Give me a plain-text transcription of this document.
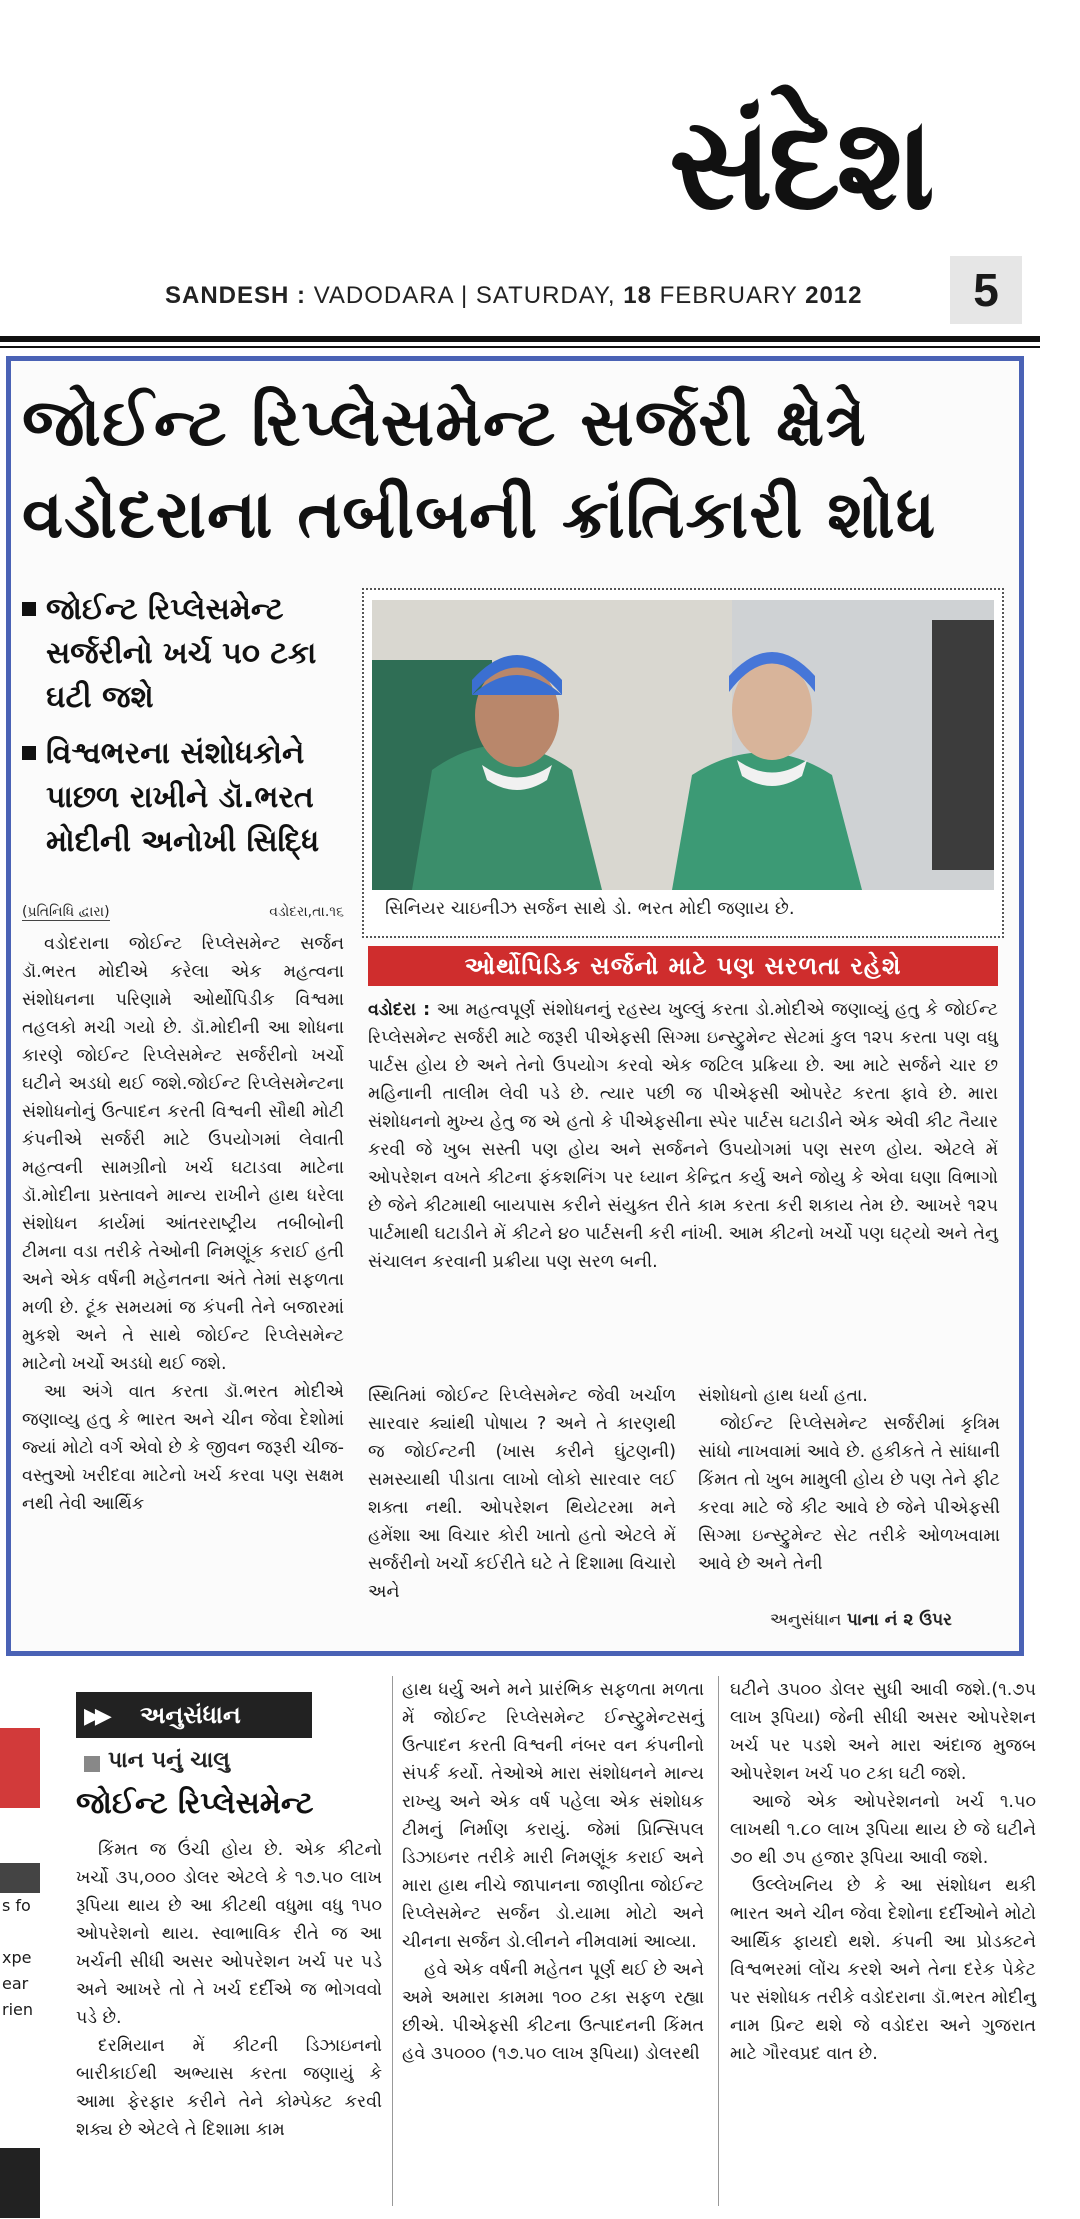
સંદેશ
SANDESH : VADODARA | SATURDAY, 18 FEBRUARY 2012	5
જોઈન્ટ રિપ્લેસમેન્ટ સર્જરી ક્ષેત્રે
વડોદરાના તબીબની ક્રાંતિકારી શોધ
જોઈન્ટ રિપ્લેસમેન્ટ સર્જરીનો ખર્ચ ૫૦ ટકા ઘટી જશે
વિશ્વભરના સંશોધકોને પાછળ રાખીને ડૉ.ભરત મોદીની અનોખી સિદ્ધિ
(પ્રતિનિધિ દ્વારા)	વડોદરા,તા.૧૬
વડોદરાના જોઈન્ટ રિપ્લેસમેન્ટ સર્જન ડૉ.ભરત મોદીએ કરેલા એક મહત્વના સંશોધનના પરિણામે ઓર્થોપિડીક વિશ્વમા તહલકો મચી ગયો છે. ડૉ.મોદીની આ શોધના કારણે જોઈન્ટ રિપ્લેસમેન્ટ સર્જરીનો ખર્ચો ઘટીને અડધો થઈ જશે.જોઈન્ટ રિપ્લેસમેન્ટના સંશોધનોનું ઉત્પાદન કરતી વિશ્વની સૌથી મોટી કંપનીએ સર્જરી માટે ઉપયોગમાં લેવાતી મહત્વની સામગ્રીનો ખર્ચ ઘટાડવા માટેના ડૉ.મોદીના પ્રસ્તાવને માન્ય રાખીને હાથ ધરેલા સંશોધન કાર્યમાં આંતરરાષ્ટ્રીય તબીબોની ટીમના વડા તરીકે તેઓની નિમણૂંક કરાઈ હતી અને એક વર્ષની મહેનતના અંતે તેમાં સફળતા મળી છે. ટૂંક સમયમાં જ કંપની તેને બજારમાં મુકશે અને તે સાથે જોઈન્ટ રિપ્લેસમેન્ટ માટેનો ખર્ચો અડધો થઈ જશે.
આ અંગે વાત કરતા ડૉ.ભરત મોદીએ જણાવ્યુ હતુ કે ભારત અને ચીન જેવા દેશોમાં જ્યાં મોટો વર્ગ એવો છે કે જીવન જરૂરી ચીજ-વસ્તુઓ ખરીદવા માટેનો ખર્ચ કરવા પણ સક્ષમ નથી તેવી આર્થિક
સિનિયર ચાઇનીઝ સર્જન સાથે ડો. ભરત મોદી જણાય છે.
ઓર્થોપિડિક સર્જનો માટે પણ સરળતા રહેશે
વડોદરા : આ મહત્વપૂર્ણ સંશોધનનું રહસ્ય ખુલ્લું કરતા ડો.મોદીએ જણાવ્યું હતુ કે જોઈન્ટ રિપ્લેસમેન્ટ સર્જરી માટે જરૂરી પીએફસી સિગ્મા ઇન્સ્ટ્રુમેન્ટ સેટમાં કુલ ૧૨૫ કરતા પણ વધુ પાર્ટસ હોય છે અને તેનો ઉપયોગ કરવો એક જટિલ પ્રક્રિયા છે. આ માટે સર્જને ચાર છ મહિનાની તાલીમ લેવી પડે છે. ત્યાર પછી જ પીએફસી ઓપરેટ કરતા ફાવે છે. મારા સંશોધનનો મુખ્ય હેતુ જ એ હતો કે પીએફસીના સ્પેર પાર્ટસ ઘટાડીને એક એવી કીટ તૈયાર કરવી જે ખુબ સસ્તી પણ હોય અને સર્જનને ઉપયોગમાં પણ સરળ હોય. એટલે મેં ઓપરેશન વખતે કીટના ફંકશનિંગ પર ધ્યાન કેન્દ્રિત કર્યુ અને જોયુ કે એવા ઘણા વિભાગો છે જેને કીટમાથી બાયપાસ કરીને સંયુક્ત રીતે કામ કરતા કરી શકાય તેમ છે. આખરે ૧૨૫ પાર્ટમાથી ઘટાડીને મેં કીટને ૪૦ પાર્ટસની કરી નાંખી. આમ કીટનો ખર્ચો પણ ઘટ્યો અને તેનુ સંચાલન કરવાની પ્રક્રીયા પણ સરળ બની.
સ્થિતિમાં જોઈન્ટ રિપ્લેસમેન્ટ જેવી ખર્ચાળ સારવાર ક્યાંથી પોષાય ? અને તે કારણથી જ જોઈન્ટની (ખાસ કરીને ઘુંટણની) સમસ્યાથી પીડાતા લાખો લોકો સારવાર લઈ શક્તા નથી. ઓપરેશન થિયેટરમા મને હમેંશા આ વિચાર કોરી ખાતો હતો એટલે મેં સર્જરીનો ખર્ચો કઈરીતે ઘટે તે દિશામા વિચારો અને
સંશોધનો હાથ ધર્યા હતા.
જોઈન્ટ રિપ્લેસમેન્ટ સર્જરીમાં કૃત્રિમ સાંધો નાખવામાં આવે છે. હકીકતે તે સાંધાની કિંમત તો ખુબ મામુલી હોય છે પણ તેને ફીટ કરવા માટે જે કીટ આવે છે જેને પીએફસી સિગ્મા ઇન્સ્ટ્રુમેન્ટ સેટ તરીકે ઓળખવામા આવે છે અને તેની
અનુસંધાન પાના નં ૨ ઉપર
s fo
xpe
ear
rien
અનુસંધાન
▶▶
પાન ૫નું ચાલુ
જોઈન્ટ રિપ્લેસમેન્ટ
કિંમત જ ઉંચી હોય છે. એક કીટનો ખર્ચો ૩૫,૦૦૦ ડોલર એટલે કે ૧૭.૫૦ લાખ રૂપિયા થાય છે આ કીટથી વધુમા વધુ ૧૫૦ ઓપરેશનો થાય. સ્વાભાવિક રીતે જ આ ખર્ચની સીધી અસર ઓપરેશન ખર્ચ પર પડે અને આખરે તો તે ખર્ચ દર્દીએ જ ભોગવવો પડે છે.
દરમિયાન મેં કીટની ડિઝાઇનનો બારીકાઈથી અભ્યાસ કરતા જણાયું કે આમા ફેરફાર કરીને તેને કોમ્પેક્ટ કરવી શક્ય છે એટલે તે દિશામા કામ
હાથ ધર્યુ અને મને પ્રારંભિક સફળતા મળતા મેં જોઈન્ટ રિપ્લેસમેન્ટ ઈન્સ્ટ્રુમેન્ટસનું ઉત્પાદન કરતી વિશ્વની નંબર વન કંપનીનો સંપર્ક કર્યો. તેઓએ મારા સંશોધનને માન્ય રાખ્યુ અને એક વર્ષ પહેલા એક સંશોધક ટીમનું નિર્માણ કરાયું. જેમાં પ્રિન્સિપલ ડિઝાઇનર તરીકે મારી નિમણૂંક કરાઈ અને મારા હાથ નીચે જાપાનના જાણીતા જોઈન્ટ રિપ્લેસમેન્ટ સર્જન ડો.યામા મોટો અને ચીનના સર્જન ડો.લીનને નીમવામાં આવ્યા.
હવે એક વર્ષની મહેતન પૂર્ણ થઈ છે અને અમે અમારા કામમા ૧૦૦ ટકા સફળ રહ્યા છીએ. પીએફસી કીટના ઉત્પાદનની કિંમત હવે ૩૫૦૦૦ (૧૭.૫૦ લાખ રૂપિયા) ડોલરથી
ઘટીને ૩૫૦૦ ડોલર સુધી આવી જશે.(૧.૭૫ લાખ રૂપિયા) જેની સીધી અસર ઓપરેશન ખર્ચ પર પડશે અને મારા અંદાજ મુજબ ઓપરેશન ખર્ચ ૫૦ ટકા ઘટી જશે.
આજે એક ઓપરેશનનો ખર્ચ ૧.૫૦ લાખથી ૧.૮૦ લાખ રૂપિયા થાય છે જે ઘટીને ૭૦ થી ૭૫ હજાર રૂપિયા આવી જશે.
ઉલ્લેખનિય છે કે આ સંશોધન થકી ભારત અને ચીન જેવા દેશોના દર્દીઓને મોટો આર્થિક ફાયદો થશે. કંપની આ પ્રોડક્ટને વિશ્વભરમાં લોંચ કરશે અને તેના દરેક પેકેટ પર સંશોધક તરીકે વડોદરાના ડૉ.ભરત મોદીનુ નામ પ્રિન્ટ થશે જે વડોદરા અને ગુજરાત માટે ગૌરવપ્રદ વાત છે.
